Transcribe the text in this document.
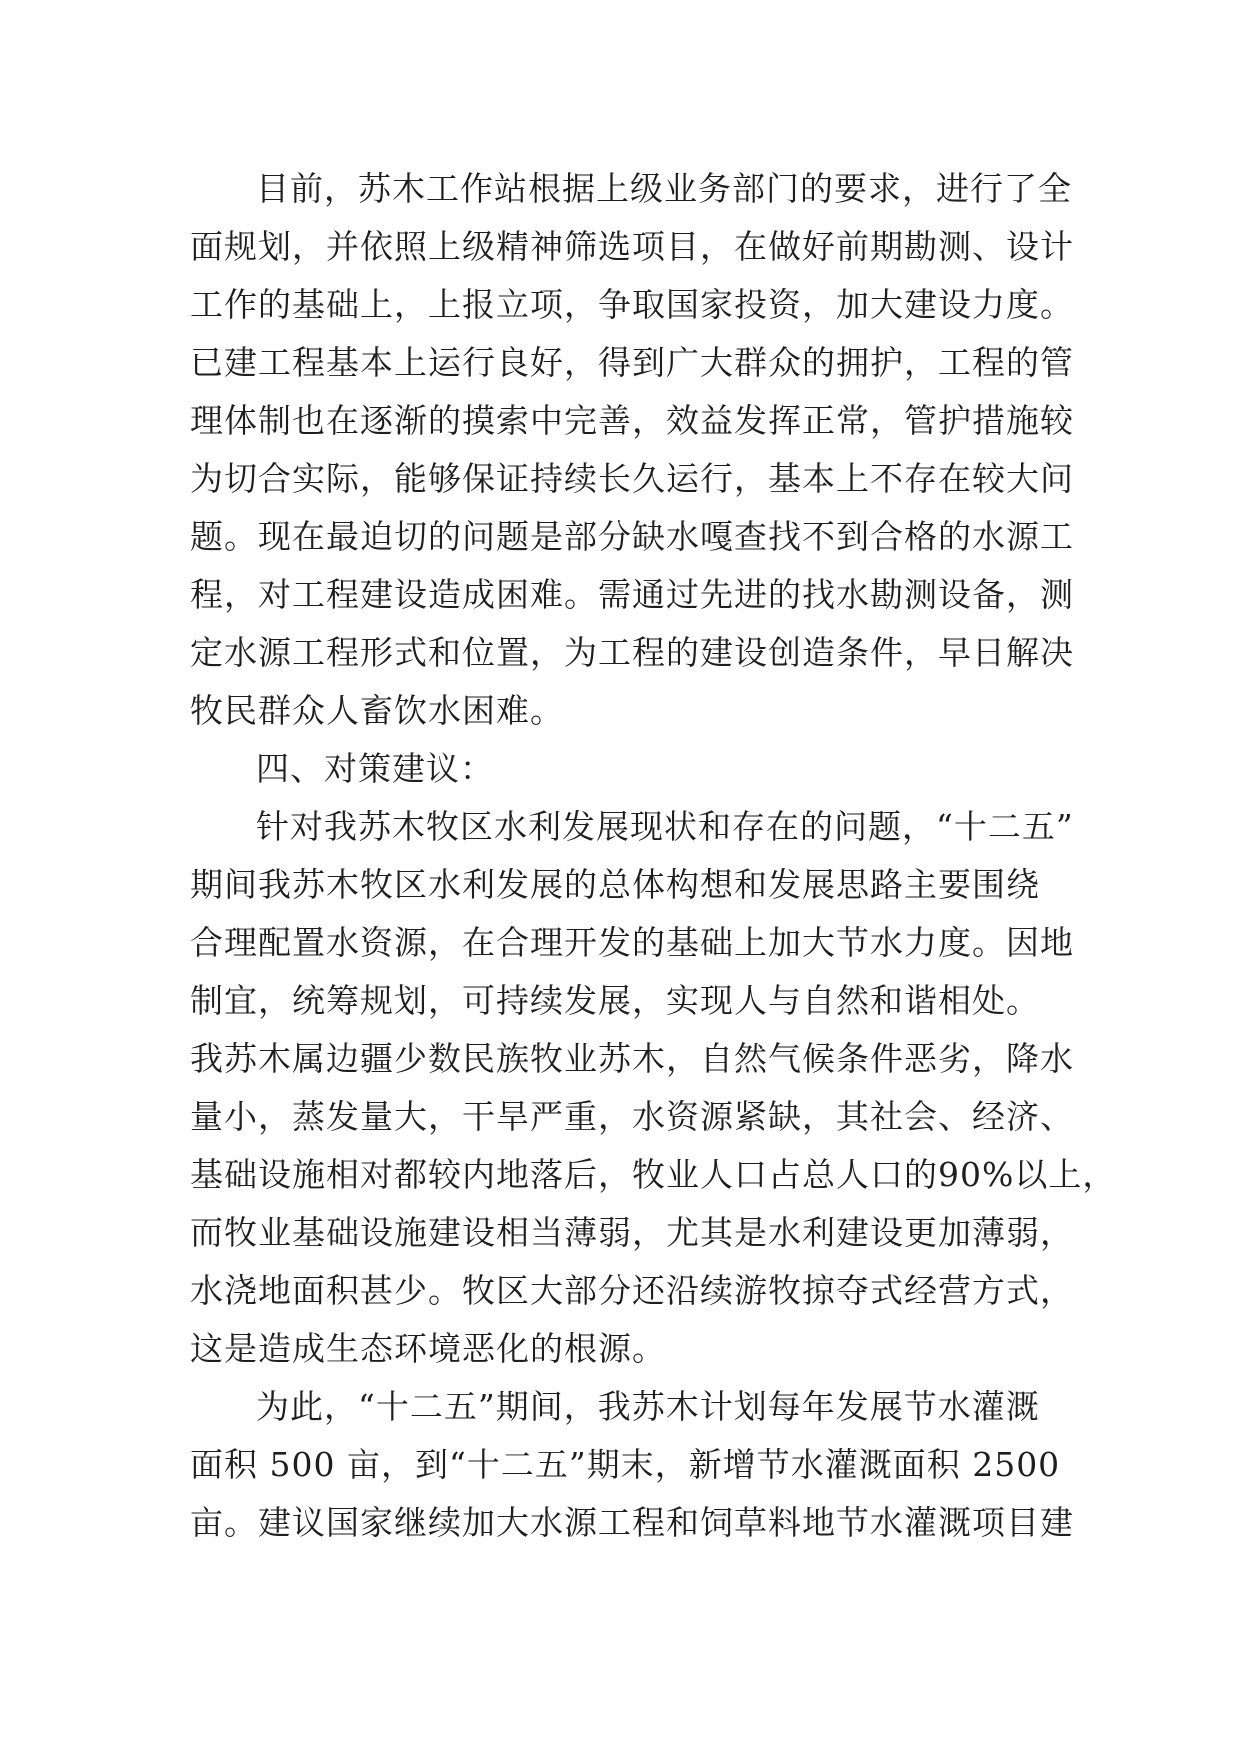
目前，苏木工作站根据上级业务部门的要求，进行了全
面规划，并依照上级精神筛选项目，在做好前期勘测、设计
工作的基础上，上报立项，争取国家投资，加大建设力度。
已建工程基本上运行良好，得到广大群众的拥护，工程的管
理体制也在逐渐的摸索中完善，效益发挥正常，管护措施较
为切合实际，能够保证持续长久运行，基本上不存在较大问
题。现在最迫切的问题是部分缺水嘎查找不到合格的水源工
程，对工程建设造成困难。需通过先进的找水勘测设备，测
定水源工程形式和位置，为工程的建设创造条件，早日解决
牧民群众人畜饮水困难。
四、对策建议：
针对我苏木牧区水利发展现状和存在的问题，“十二五”
期间我苏木牧区水利发展的总体构想和发展思路主要围绕
合理配置水资源，在合理开发的基础上加大节水力度。因地
制宜，统筹规划，可持续发展，实现人与自然和谐相处。
我苏木属边疆少数民族牧业苏木，自然气候条件恶劣，降水
量小，蒸发量大，干旱严重，水资源紧缺，其社会、经济、
基础设施相对都较内地落后，牧业人口占总人口的90%以上，
而牧业基础设施建设相当薄弱，尤其是水利建设更加薄弱，
水浇地面积甚少。牧区大部分还沿续游牧掠夺式经营方式，
这是造成生态环境恶化的根源。
为此，“十二五”期间，我苏木计划每年发展节水灌溉
面积 500 亩，到“十二五”期末，新增节水灌溉面积 2500
亩。建议国家继续加大水源工程和饲草料地节水灌溉项目建
